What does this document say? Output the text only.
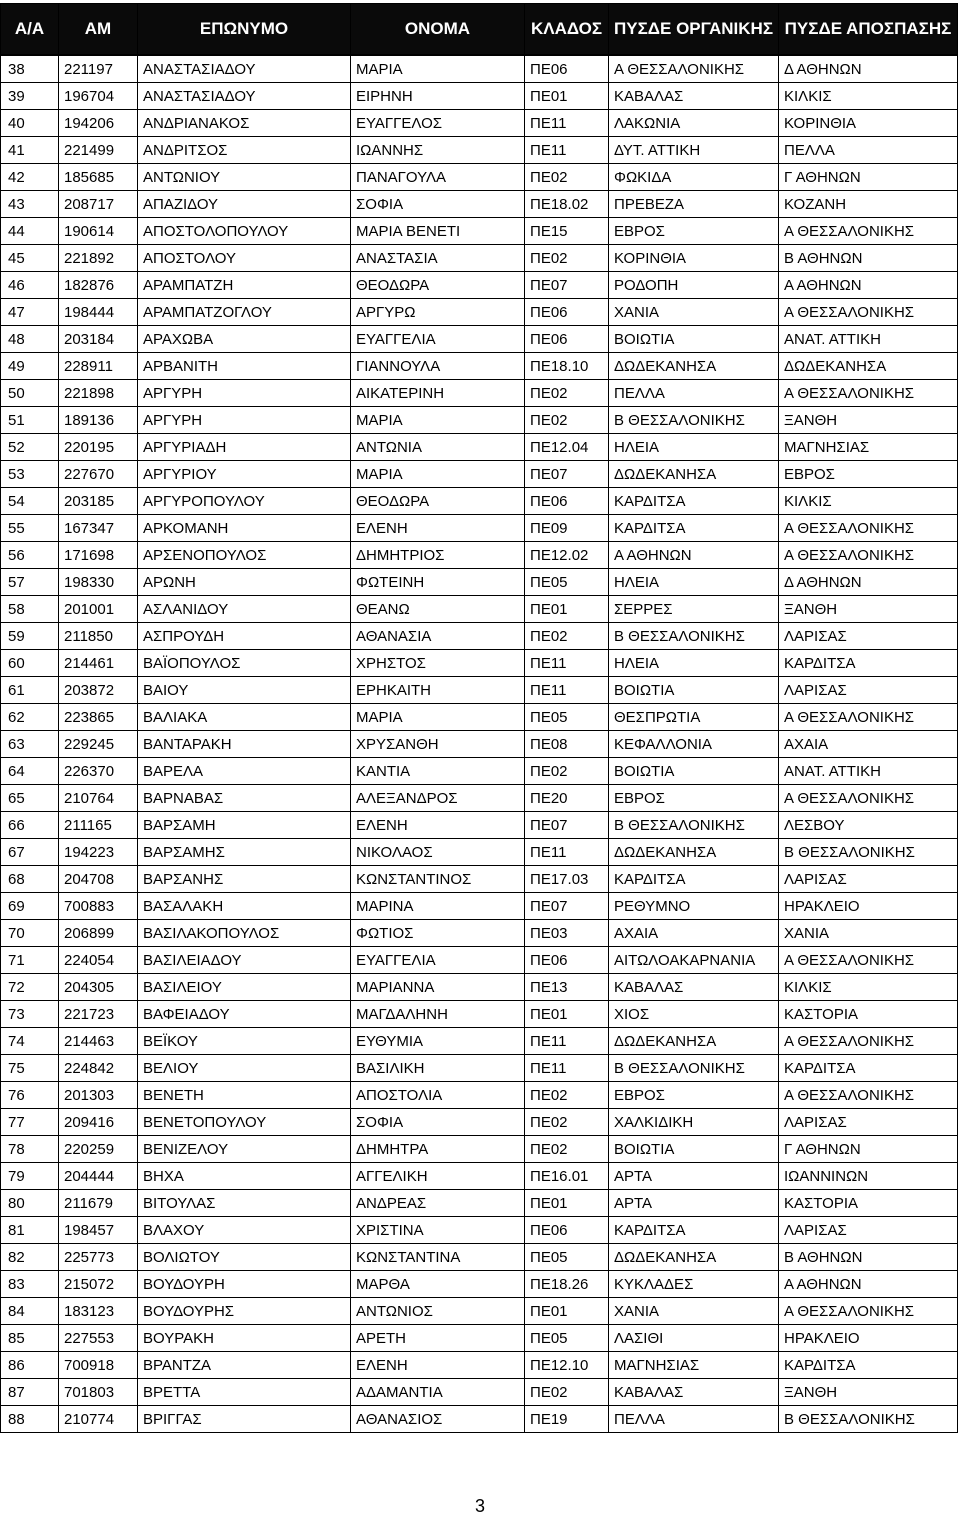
Α/Α	ΑΜ	ΕΠΩΝΥΜΟ	ΟΝΟΜΑ	ΚΛΑΔΟΣ	ΠΥΣΔΕ ΟΡΓΑΝΙΚΗΣ	ΠΥΣΔΕ ΑΠΟΣΠΑΣΗΣ
38	221197	ΑΝΑΣΤΑΣΙΑΔΟΥ	ΜΑΡΙΑ	ΠΕ06	Α ΘΕΣΣΑΛΟΝΙΚΗΣ	Δ ΑΘΗΝΩΝ
39	196704	ΑΝΑΣΤΑΣΙΑΔΟΥ	ΕΙΡΗΝΗ	ΠΕ01	ΚΑΒΑΛΑΣ	ΚΙΛΚΙΣ
40	194206	ΑΝΔΡΙΑΝΑΚΟΣ	ΕΥΑΓΓΕΛΟΣ	ΠΕ11	ΛΑΚΩΝΙΑ	ΚΟΡΙΝΘΙΑ
41	221499	ΑΝΔΡΙΤΣΟΣ	ΙΩΑΝΝΗΣ	ΠΕ11	ΔΥΤ. ΑΤΤΙΚΗ	ΠΕΛΛΑ
42	185685	ΑΝΤΩΝΙΟΥ	ΠΑΝΑΓΟΥΛΑ	ΠΕ02	ΦΩΚΙΔΑ	Γ ΑΘΗΝΩΝ
43	208717	ΑΠΑΖΙΔΟΥ	ΣΟΦΙΑ	ΠΕ18.02	ΠΡΕΒΕΖΑ	ΚΟΖΑΝΗ
44	190614	ΑΠΟΣΤΟΛΟΠΟΥΛΟΥ	ΜΑΡΙΑ ΒΕΝΕΤΙ	ΠΕ15	ΕΒΡΟΣ	Α ΘΕΣΣΑΛΟΝΙΚΗΣ
45	221892	ΑΠΟΣΤΟΛΟΥ	ΑΝΑΣΤΑΣΙΑ	ΠΕ02	ΚΟΡΙΝΘΙΑ	Β ΑΘΗΝΩΝ
46	182876	ΑΡΑΜΠΑΤΖΗ	ΘΕΟΔΩΡΑ	ΠΕ07	ΡΟΔΟΠΗ	Α ΑΘΗΝΩΝ
47	198444	ΑΡΑΜΠΑΤΖΟΓΛΟΥ	ΑΡΓΥΡΩ	ΠΕ06	ΧΑΝΙΑ	Α ΘΕΣΣΑΛΟΝΙΚΗΣ
48	203184	ΑΡΑΧΩΒΑ	ΕΥΑΓΓΕΛΙΑ	ΠΕ06	ΒΟΙΩΤΙΑ	ΑΝΑΤ. ΑΤΤΙΚΗ
49	228911	ΑΡΒΑΝΙΤΗ	ΓΙΑΝΝΟΥΛΑ	ΠΕ18.10	ΔΩΔΕΚΑΝΗΣΑ	ΔΩΔΕΚΑΝΗΣΑ
50	221898	ΑΡΓΥΡΗ	ΑΙΚΑΤΕΡΙΝΗ	ΠΕ02	ΠΕΛΛΑ	Α ΘΕΣΣΑΛΟΝΙΚΗΣ
51	189136	ΑΡΓΥΡΗ	ΜΑΡΙΑ	ΠΕ02	Β ΘΕΣΣΑΛΟΝΙΚΗΣ	ΞΑΝΘΗ
52	220195	ΑΡΓΥΡΙΑΔΗ	ΑΝΤΩΝΙΑ	ΠΕ12.04	ΗΛΕΙΑ	ΜΑΓΝΗΣΙΑΣ
53	227670	ΑΡΓΥΡΙΟΥ	ΜΑΡΙΑ	ΠΕ07	ΔΩΔΕΚΑΝΗΣΑ	ΕΒΡΟΣ
54	203185	ΑΡΓΥΡΟΠΟΥΛΟΥ	ΘΕΟΔΩΡΑ	ΠΕ06	ΚΑΡΔΙΤΣΑ	ΚΙΛΚΙΣ
55	167347	ΑΡΚΟΜΑΝΗ	ΕΛΕΝΗ	ΠΕ09	ΚΑΡΔΙΤΣΑ	Α ΘΕΣΣΑΛΟΝΙΚΗΣ
56	171698	ΑΡΣΕΝΟΠΟΥΛΟΣ	ΔΗΜΗΤΡΙΟΣ	ΠΕ12.02	Α ΑΘΗΝΩΝ	Α ΘΕΣΣΑΛΟΝΙΚΗΣ
57	198330	ΑΡΩΝΗ	ΦΩΤΕΙΝΗ	ΠΕ05	ΗΛΕΙΑ	Δ ΑΘΗΝΩΝ
58	201001	ΑΣΛΑΝΙΔΟΥ	ΘΕΑΝΩ	ΠΕ01	ΣΕΡΡΕΣ	ΞΑΝΘΗ
59	211850	ΑΣΠΡΟΥΔΗ	ΑΘΑΝΑΣΙΑ	ΠΕ02	Β ΘΕΣΣΑΛΟΝΙΚΗΣ	ΛΑΡΙΣΑΣ
60	214461	ΒΑΪΟΠΟΥΛΟΣ	ΧΡΗΣΤΟΣ	ΠΕ11	ΗΛΕΙΑ	ΚΑΡΔΙΤΣΑ
61	203872	ΒΑΙΟΥ	ΕΡΗΚΑΙΤΗ	ΠΕ11	ΒΟΙΩΤΙΑ	ΛΑΡΙΣΑΣ
62	223865	ΒΑΛΙΑΚΑ	ΜΑΡΙΑ	ΠΕ05	ΘΕΣΠΡΩΤΙΑ	Α ΘΕΣΣΑΛΟΝΙΚΗΣ
63	229245	ΒΑΝΤΑΡΑΚΗ	ΧΡΥΣΑΝΘΗ	ΠΕ08	ΚΕΦΑΛΛΟΝΙΑ	ΑΧΑΙΑ
64	226370	ΒΑΡΕΛΑ	ΚΑΝΤΙΑ	ΠΕ02	ΒΟΙΩΤΙΑ	ΑΝΑΤ. ΑΤΤΙΚΗ
65	210764	ΒΑΡΝΑΒΑΣ	ΑΛΕΞΑΝΔΡΟΣ	ΠΕ20	ΕΒΡΟΣ	Α ΘΕΣΣΑΛΟΝΙΚΗΣ
66	211165	ΒΑΡΣΑΜΗ	ΕΛΕΝΗ	ΠΕ07	Β ΘΕΣΣΑΛΟΝΙΚΗΣ	ΛΕΣΒΟΥ
67	194223	ΒΑΡΣΑΜΗΣ	ΝΙΚΟΛΑΟΣ	ΠΕ11	ΔΩΔΕΚΑΝΗΣΑ	Β ΘΕΣΣΑΛΟΝΙΚΗΣ
68	204708	ΒΑΡΣΑΝΗΣ	ΚΩΝΣΤΑΝΤΙΝΟΣ	ΠΕ17.03	ΚΑΡΔΙΤΣΑ	ΛΑΡΙΣΑΣ
69	700883	ΒΑΣΑΛΑΚΗ	ΜΑΡΙΝΑ	ΠΕ07	ΡΕΘΥΜΝΟ	ΗΡΑΚΛΕΙΟ
70	206899	ΒΑΣΙΛΑΚΟΠΟΥΛΟΣ	ΦΩΤΙΟΣ	ΠΕ03	ΑΧΑΙΑ	ΧΑΝΙΑ
71	224054	ΒΑΣΙΛΕΙΑΔΟΥ	ΕΥΑΓΓΕΛΙΑ	ΠΕ06	ΑΙΤΩΛΟΑΚΑΡΝΑΝΙΑ	Α ΘΕΣΣΑΛΟΝΙΚΗΣ
72	204305	ΒΑΣΙΛΕΙΟΥ	ΜΑΡΙΑΝΝΑ	ΠΕ13	ΚΑΒΑΛΑΣ	ΚΙΛΚΙΣ
73	221723	ΒΑΦΕΙΑΔΟΥ	ΜΑΓΔΑΛΗΝΗ	ΠΕ01	ΧΙΟΣ	ΚΑΣΤΟΡΙΑ
74	214463	ΒΕΪΚΟΥ	ΕΥΘΥΜΙΑ	ΠΕ11	ΔΩΔΕΚΑΝΗΣΑ	Α ΘΕΣΣΑΛΟΝΙΚΗΣ
75	224842	ΒΕΛΙΟΥ	ΒΑΣΙΛΙΚΗ	ΠΕ11	Β ΘΕΣΣΑΛΟΝΙΚΗΣ	ΚΑΡΔΙΤΣΑ
76	201303	ΒΕΝΕΤΗ	ΑΠΟΣΤΟΛΙΑ	ΠΕ02	ΕΒΡΟΣ	Α ΘΕΣΣΑΛΟΝΙΚΗΣ
77	209416	ΒΕΝΕΤΟΠΟΥΛΟΥ	ΣΟΦΙΑ	ΠΕ02	ΧΑΛΚΙΔΙΚΗ	ΛΑΡΙΣΑΣ
78	220259	ΒΕΝΙΖΕΛΟΥ	ΔΗΜΗΤΡΑ	ΠΕ02	ΒΟΙΩΤΙΑ	Γ ΑΘΗΝΩΝ
79	204444	ΒΗΧΑ	ΑΓΓΕΛΙΚΗ	ΠΕ16.01	ΑΡΤΑ	ΙΩΑΝΝΙΝΩΝ
80	211679	ΒΙΤΟΥΛΑΣ	ΑΝΔΡΕΑΣ	ΠΕ01	ΑΡΤΑ	ΚΑΣΤΟΡΙΑ
81	198457	ΒΛΑΧΟΥ	ΧΡΙΣΤΙΝΑ	ΠΕ06	ΚΑΡΔΙΤΣΑ	ΛΑΡΙΣΑΣ
82	225773	ΒΟΛΙΩΤΟΥ	ΚΩΝΣΤΑΝΤΙΝΑ	ΠΕ05	ΔΩΔΕΚΑΝΗΣΑ	Β ΑΘΗΝΩΝ
83	215072	ΒΟΥΔΟΥΡΗ	ΜΑΡΘΑ	ΠΕ18.26	ΚΥΚΛΑΔΕΣ	Α ΑΘΗΝΩΝ
84	183123	ΒΟΥΔΟΥΡΗΣ	ΑΝΤΩΝΙΟΣ	ΠΕ01	ΧΑΝΙΑ	Α ΘΕΣΣΑΛΟΝΙΚΗΣ
85	227553	ΒΟΥΡΑΚΗ	ΑΡΕΤΗ	ΠΕ05	ΛΑΣΙΘΙ	ΗΡΑΚΛΕΙΟ
86	700918	ΒΡΑΝΤΖΑ	ΕΛΕΝΗ	ΠΕ12.10	ΜΑΓΝΗΣΙΑΣ	ΚΑΡΔΙΤΣΑ
87	701803	ΒΡΕΤΤΑ	ΑΔΑΜΑΝΤΙΑ	ΠΕ02	ΚΑΒΑΛΑΣ	ΞΑΝΘΗ
88	210774	ΒΡΙΓΓΑΣ	ΑΘΑΝΑΣΙΟΣ	ΠΕ19	ΠΕΛΛΑ	Β ΘΕΣΣΑΛΟΝΙΚΗΣ
3
